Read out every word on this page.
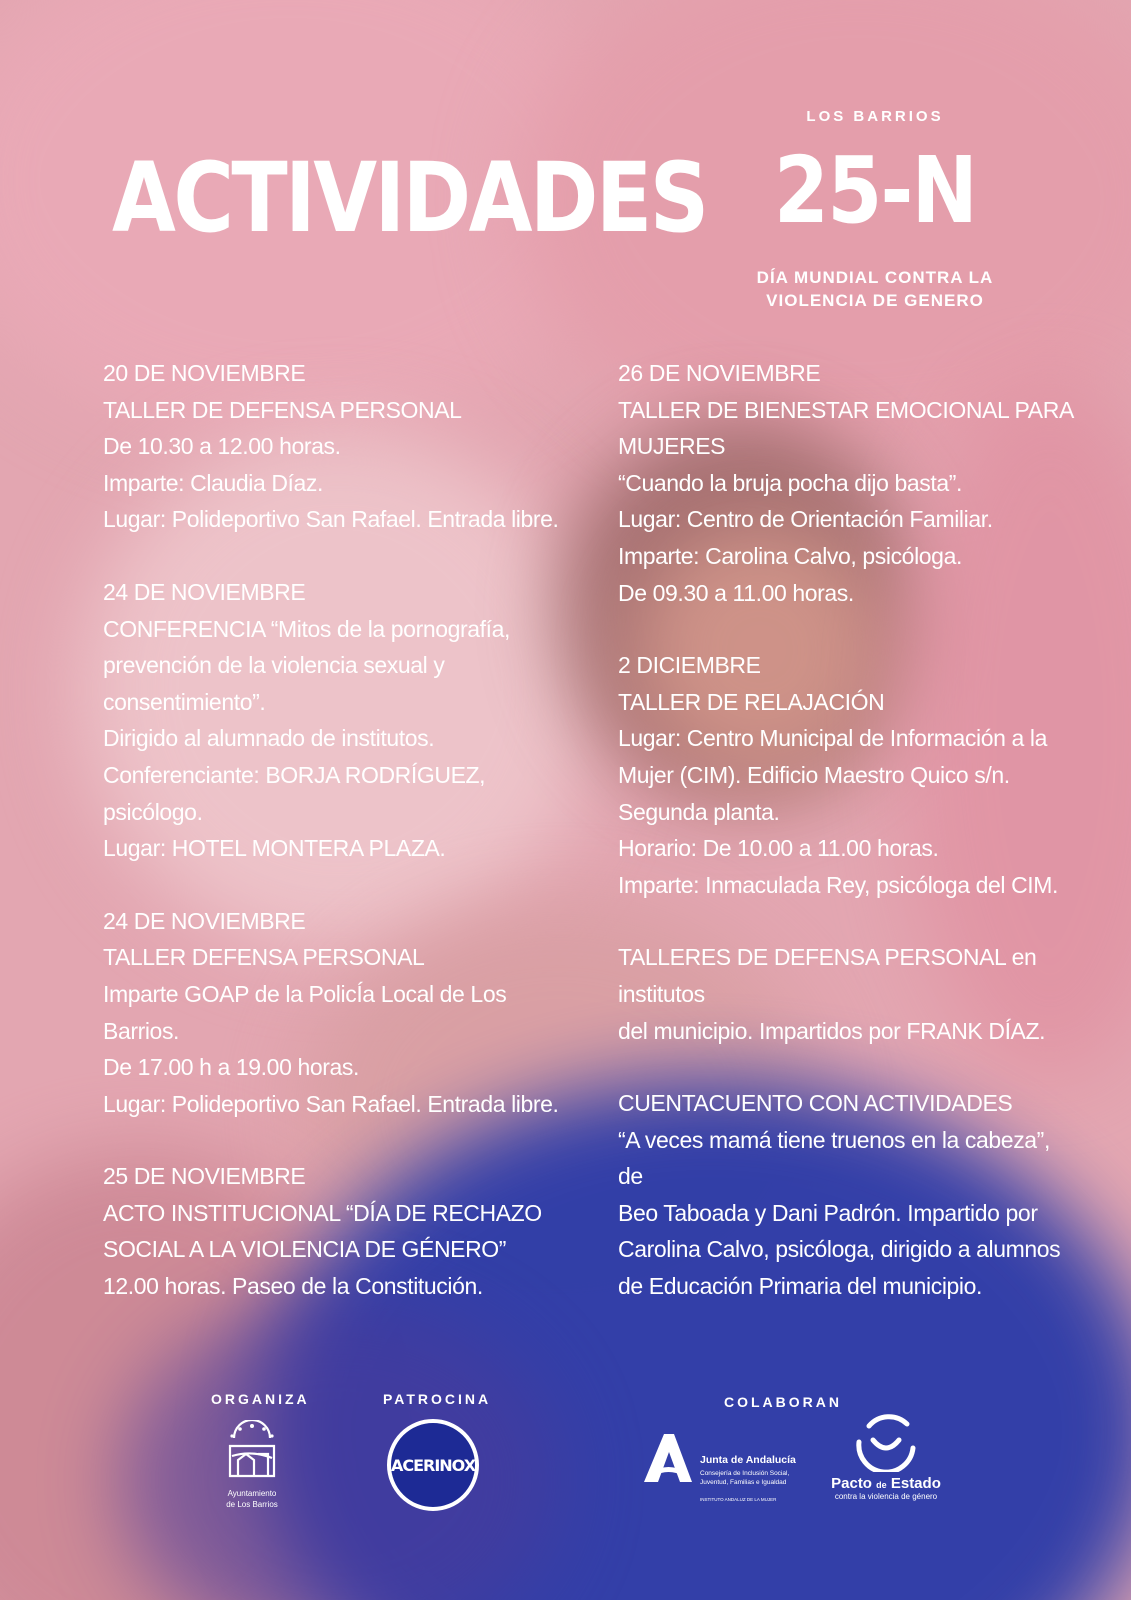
ACTIVIDADES
LOS BARRIOS
25-N
DÍA MUNDIAL CONTRA LA
VIOLENCIA DE GENERO

20 DE NOVIEMBRE

TALLER DE DEFENSA PERSONAL

De 10.30 a 12.00 horas.

Imparte: Claudia Díaz.

Lugar: Polideportivo San Rafael. Entrada libre.

24 DE NOVIEMBRE

CONFERENCIA “Mitos de la pornografía,

prevención de la violencia sexual y

consentimiento”.

Dirigido al alumnado de institutos.

Conferenciante: BORJA RODRÍGUEZ, psicólogo.

Lugar: HOTEL MONTERA PLAZA.

24 DE NOVIEMBRE

TALLER DEFENSA PERSONAL

Imparte GOAP de la PolicÍa Local de Los

Barrios.

De 17.00 h a 19.00 horas.

Lugar: Polideportivo San Rafael. Entrada libre.

25 DE NOVIEMBRE

ACTO INSTITUCIONAL “DÍA DE RECHAZO

SOCIAL A LA VIOLENCIA DE GÉNERO”

12.00 horas. Paseo de la Constitución.

26 DE NOVIEMBRE

TALLER DE BIENESTAR EMOCIONAL PARA

MUJERES

“Cuando la bruja pocha dijo basta”.

Lugar: Centro de Orientación Familiar.

Imparte: Carolina Calvo, psicóloga.

De 09.30 a 11.00 horas.

2 DICIEMBRE

TALLER DE RELAJACIÓN

Lugar: Centro Municipal de Información a la

Mujer (CIM). Edificio Maestro Quico s/n.

Segunda planta.

Horario: De 10.00 a 11.00 horas.

Imparte: Inmaculada Rey, psicóloga del CIM.

TALLERES DE DEFENSA PERSONAL en institutos

del municipio. Impartidos por FRANK DÍAZ.

CUENTACUENTO CON ACTIVIDADES

“A veces mamá tiene truenos en la cabeza”, de

Beo Taboada y Dani Padrón. Impartido por

Carolina Calvo, psicóloga, dirigido a alumnos

de Educación Primaria del municipio.

ORGANIZA	PATROCINA	COLABORAN
Ayuntamiento
de Los Barrios
ACERINOX	Junta de Andalucía
Consejería de Inclusión Social, Juventud, Familias e Igualdad
INSTITUTO ANDALUZ DE LA MUJER
Pacto de Estado
contra la violencia de género
